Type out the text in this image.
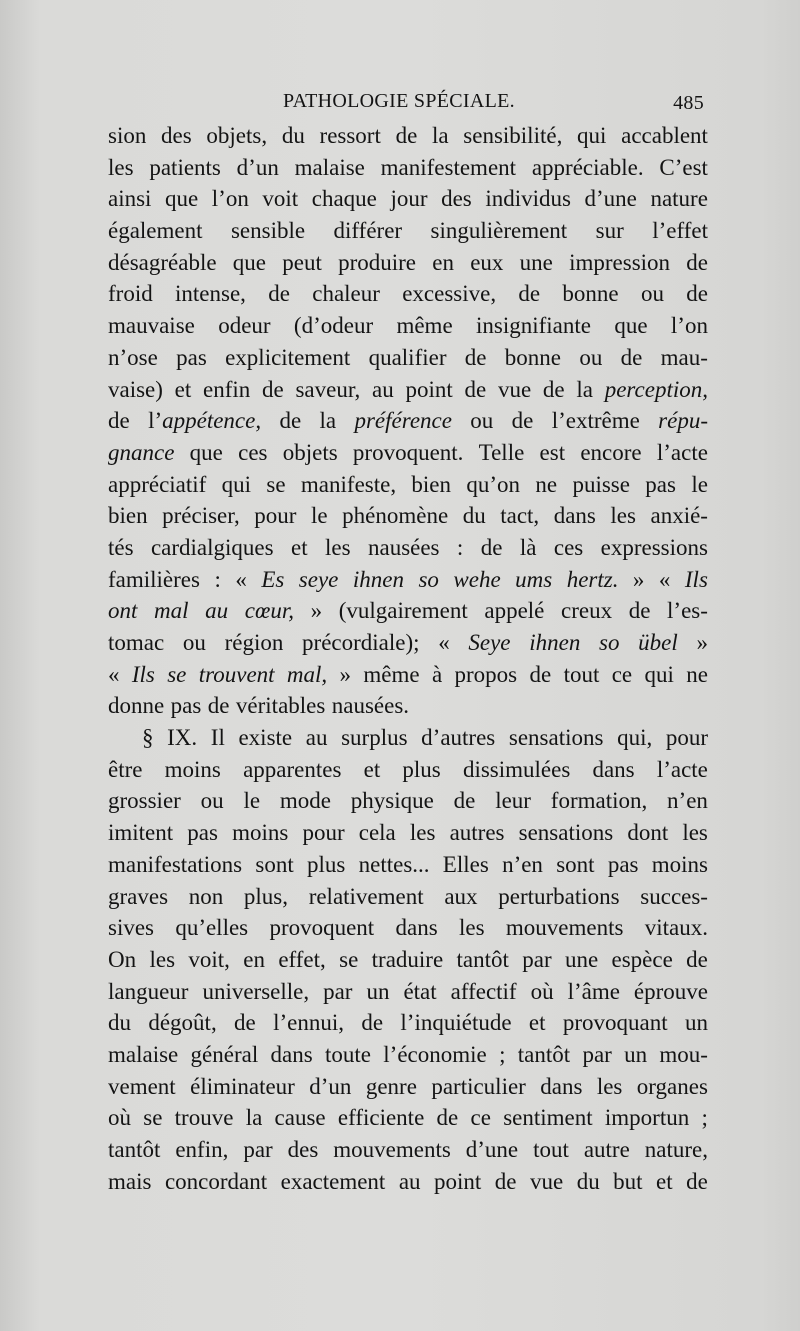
PATHOLOGIE SPÉCIALE.	485
sion des objets, du ressort de la sensibilité, qui accablent
les patients d’un malaise manifestement appréciable. C’est
ainsi que l’on voit chaque jour des individus d’une nature
également sensible différer singulièrement sur l’effet
désagréable que peut produire en eux une impression de
froid intense, de chaleur excessive, de bonne ou de
mauvaise odeur (d’odeur même insignifiante que l’on
n’ose pas explicitement qualifier de bonne ou de mau-
vaise) et enfin de saveur, au point de vue de la perception,
de l’appétence, de la préférence ou de l’extrême répu-
gnance que ces objets provoquent. Telle est encore l’acte
appréciatif qui se manifeste, bien qu’on ne puisse pas le
bien préciser, pour le phénomène du tact, dans les anxié-
tés cardialgiques et les nausées : de là ces expressions
familières : « Es seye ihnen so wehe ums hertz. » « Ils
ont mal au cœur, » (vulgairement appelé creux de l’es-
tomac ou région précordiale); « Seye ihnen so übel »
« Ils se trouvent mal, » même à propos de tout ce qui ne
donne pas de véritables nausées.
§ IX. Il existe au surplus d’autres sensations qui, pour
être moins apparentes et plus dissimulées dans l’acte
grossier ou le mode physique de leur formation, n’en
imitent pas moins pour cela les autres sensations dont les
manifestations sont plus nettes... Elles n’en sont pas moins
graves non plus, relativement aux perturbations succes-
sives qu’elles provoquent dans les mouvements vitaux.
On les voit, en effet, se traduire tantôt par une espèce de
langueur universelle, par un état affectif où l’âme éprouve
du dégoût, de l’ennui, de l’inquiétude et provoquant un
malaise général dans toute l’économie ; tantôt par un mou-
vement éliminateur d’un genre particulier dans les organes
où se trouve la cause efficiente de ce sentiment importun ;
tantôt enfin, par des mouvements d’une tout autre nature,
mais concordant exactement au point de vue du but et de
